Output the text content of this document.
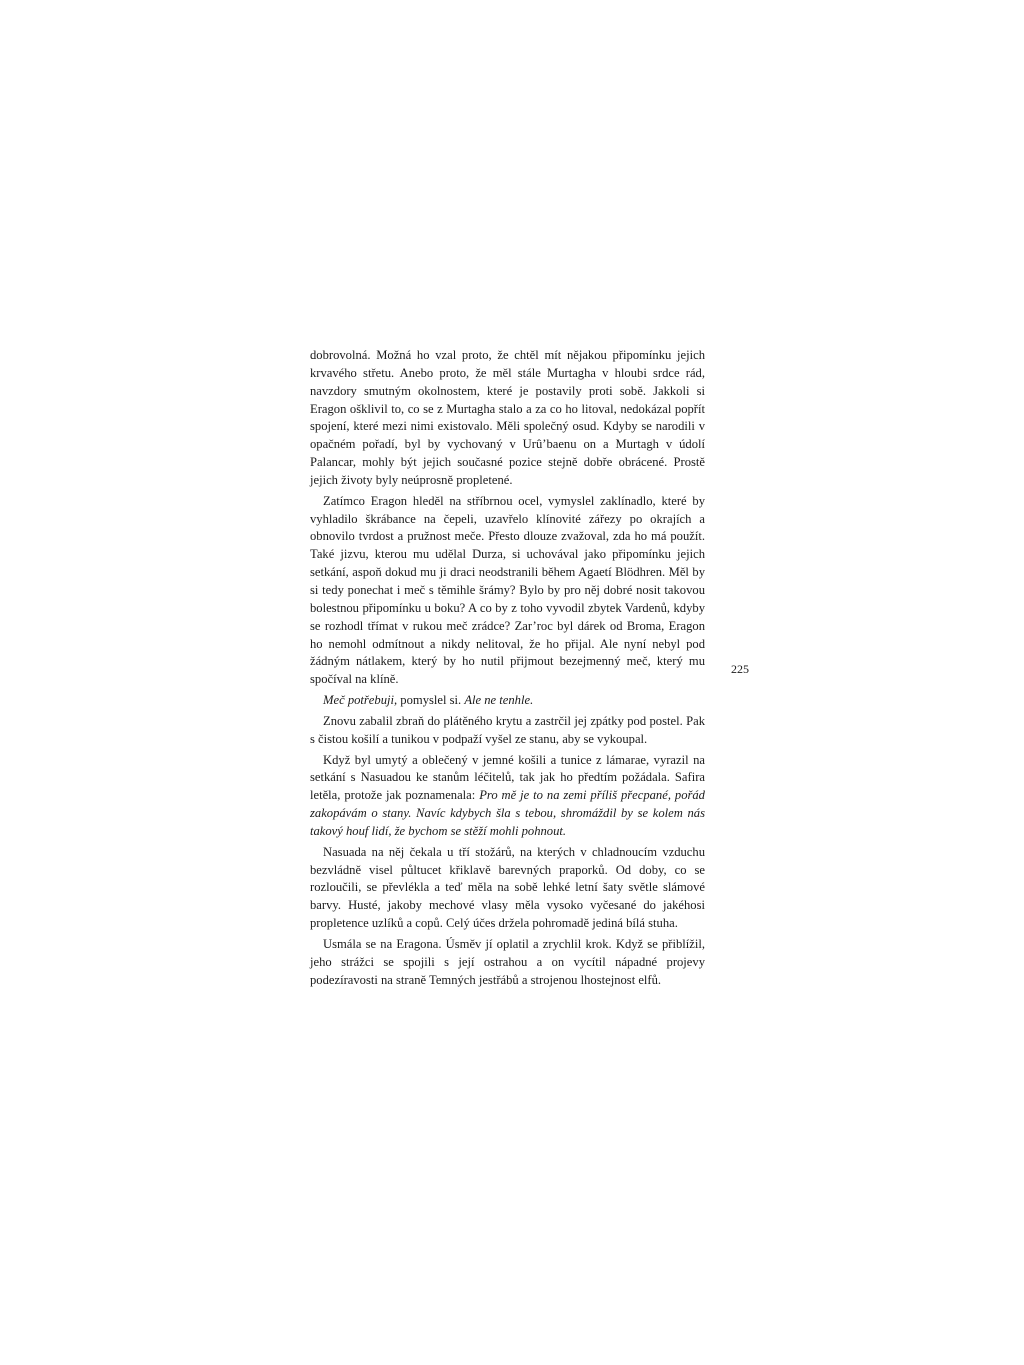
dobrovolná. Možná ho vzal proto, že chtěl mít nějakou připomínku jejich krvavého střetu. Anebo proto, že měl stále Murtagha v hloubi srdce rád, navzdory smutným okolnostem, které je postavily proti sobě. Jakkoli si Eragon ošklivil to, co se z Murtagha stalo a za co ho litoval, nedokázal popřít spojení, které mezi nimi existovalo. Měli společný osud. Kdyby se narodili v opačném pořadí, byl by vychovaný v Urû’baenu on a Murtagh v údolí Palancar, mohly být jejich současné pozice stejně dobře obrácené. Prostě jejich životy byly neúprosně propletené.

Zatímco Eragon hleděl na stříbrnou ocel, vymyslel zaklínadlo, které by vyhladilo škrábance na čepeli, uzavřelo klínovité zářezy po okrajích a obnovilo tvrdost a pružnost meče. Přesto dlouze zvažoval, zda ho má použít. Také jizvu, kterou mu udělal Durza, si uchovával jako připomínku jejich setkání, aspoň dokud mu ji draci neodstranili během Agaetí Blödhren. Měl by si tedy ponechat i meč s těmihle šrámy? Bylo by pro něj dobré nosit takovou bolestnou připomínku u boku? A co by z toho vyvodil zbytek Vardenů, kdyby se rozhodl třímat v rukou meč zrádce? Zar’roc byl dárek od Broma, Eragon ho nemohl odmítnout a nikdy nelitoval, že ho přijal. Ale nyní nebyl pod žádným nátlakem, který by ho nutil přijmout bezejmenný meč, který mu spočíval na klíně.

Meč potřebuji, pomyslel si. Ale ne tenhle.

Znovu zabalil zbraň do plátěného krytu a zastrčil jej zpátky pod postel. Pak s čistou košilí a tunikou v podpaží vyšel ze stanu, aby se vykoupal.

Když byl umytý a oblečený v jemné košili a tunice z lámarae, vyrazil na setkání s Nasuadou ke stanům léčitelů, tak jak ho předtím požádala. Safira letěla, protože jak poznamenala: Pro mě je to na zemi příliš přecpané, pořád zakopávám o stany. Navíc kdybych šla s tebou, shromáždil by se kolem nás takový houf lidí, že bychom se stěží mohli pohnout.

Nasuada na něj čekala u tří stožárů, na kterých v chladnoucím vzduchu bezvládně visel půltucet křiklavě barevných praporků. Od doby, co se rozloučili, se převlékla a teď měla na sobě lehké letní šaty světle slámové barvy. Husté, jakoby mechové vlasy měla vysoko vyčesané do jakéhosi propletence uzlíků a copů. Celý účes držela pohromadě jediná bílá stuha.

Usmála se na Eragona. Úsměv jí oplatil a zrychlil krok. Když se přiblížil, jeho strážci se spojili s její ostrahou a on vycítil nápadné projevy podezíravosti na straně Temných jestřábů a strojenou lhostejnost elfů.

225
